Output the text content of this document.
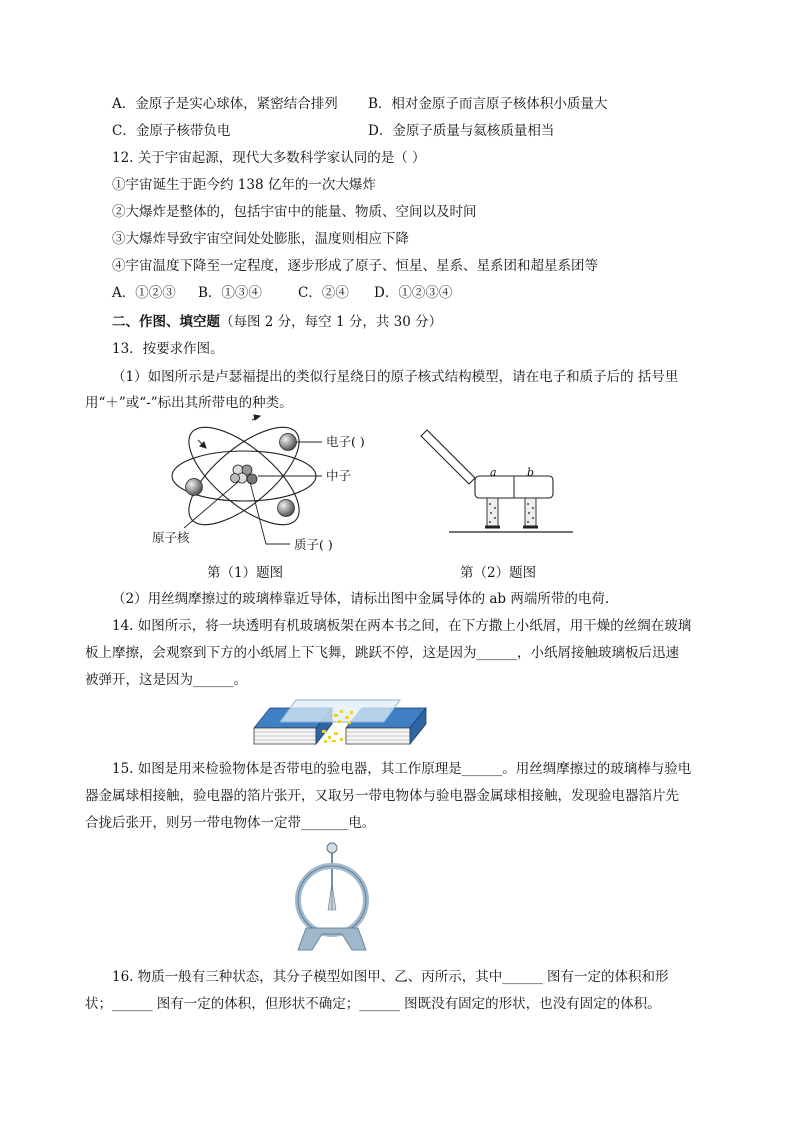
A．金原子是实心球体，紧密结合排列 B．相对金原子而言原子核体积小质量大
C．金原子核带负电	D．金原子质量与氦核质量相当
12. 关于宇宙起源，现代大多数科学家认同的是（ ）
①宇宙诞生于距今约 138 亿年的一次大爆炸
②大爆炸是整体的，包括宇宙中的能量、物质、空间以及时间
③大爆炸导致宇宙空间处处膨胀，温度则相应下降
④宇宙温度下降至一定程度，逐步形成了原子、恒星、星系、星系团和超星系团等
A．①②③ B．①③④	C．②④ D．①②③④
二、作图、填空题（每图 2 分，每空 1 分，共 30 分）
13．按要求作图。
（1）如图所示是卢瑟福提出的类似行星绕日的原子核式结构模型，请在电子和质子后的 括号里
用“＋”或“-”标出其所带电的种类。
电子( )
中子
原子核	质子( )
a	b
第（1）题图	第（2）题图
（2）用丝绸摩擦过的玻璃棒靠近导体，请标出图中金属导体的 ab 两端所带的电荷.
14. 如图所示，将一块透明有机玻璃板架在两本书之间，在下方撒上小纸屑，用干燥的丝绸在玻璃
板上摩擦，会观察到下方的小纸屑上下飞舞，跳跃不停，这是因为______，小纸屑接触玻璃板后迅速
被弹开，这是因为______。
15. 如图是用来检验物体是否带电的验电器，其工作原理是______。用丝绸摩擦过的玻璃棒与验电
器金属球相接触，验电器的箔片张开，又取另一带电物体与验电器金属球相接触，发现验电器箔片先
合拢后张开，则另一带电物体一定带_______电。
16. 物质一般有三种状态，其分子模型如图甲、乙、丙所示，其中______ 图有一定的体积和形
状；______ 图有一定的体积，但形状不确定；______ 图既没有固定的形状，也没有固定的体积。
